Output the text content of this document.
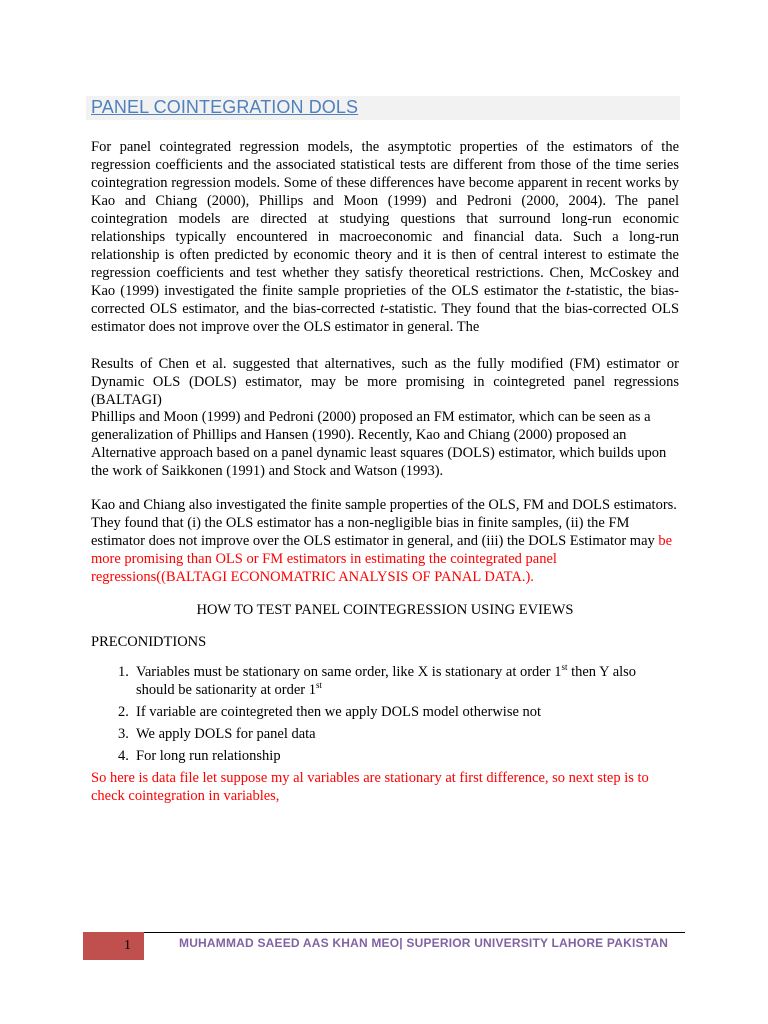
PANEL COINTEGRATION DOLS

For panel cointegrated regression models, the asymptotic properties of the estimators of the regression coefficients and the associated statistical tests are different from those of the time series cointegration regression models. Some of these differences have become apparent in recent works by Kao and Chiang (2000), Phillips and Moon (1999) and Pedroni (2000, 2004). The panel cointegration models are directed at studying questions that surround long-run economic relationships typically encountered in macroeconomic and financial data. Such a long-run relationship is often predicted by economic theory and it is then of central interest to estimate the regression coefficients and test whether they satisfy theoretical restrictions. Chen, McCoskey and Kao (1999) investigated the finite sample proprieties of the OLS estimator the t-statistic, the bias-corrected OLS estimator, and the bias-corrected t-statistic. They found that the bias-corrected OLS estimator does not improve over the OLS estimator in general. The

Results of Chen et al. suggested that alternatives, such as the fully modified (FM) estimator or Dynamic OLS (DOLS) estimator, may be more promising in cointegreted panel regressions (BALTAGI)

Phillips and Moon (1999) and Pedroni (2000) proposed an FM estimator, which can be seen as a generalization of Phillips and Hansen (1990). Recently, Kao and Chiang (2000) proposed an Alternative approach based on a panel dynamic least squares (DOLS) estimator, which builds upon the work of Saikkonen (1991) and Stock and Watson (1993).

Kao and Chiang also investigated the finite sample properties of the OLS, FM and DOLS estimators. They found that (i) the OLS estimator has a non-negligible bias in finite samples, (ii) the FM estimator does not improve over the OLS estimator in general, and (iii) the DOLS Estimator may be more promising than OLS or FM estimators in estimating the cointegrated panel regressions((BALTAGI ECONOMATRIC ANALYSIS OF PANAL DATA.).

HOW TO TEST PANEL COINTEGRESSION USING EVIEWS

PRECONIDTIONS

1. Variables must be stationary on same order, like X is stationary at order 1st then Y also should be sationarity at order 1st
2. If variable are cointegreted then we apply DOLS model otherwise not
3. We apply DOLS for panel data
4. For long run relationship

So here is data file let suppose my al variables are stationary at first difference, so next step is to check cointegration in variables,

1	MUHAMMAD SAEED AAS KHAN MEO| SUPERIOR UNIVERSITY LAHORE PAKISTAN
